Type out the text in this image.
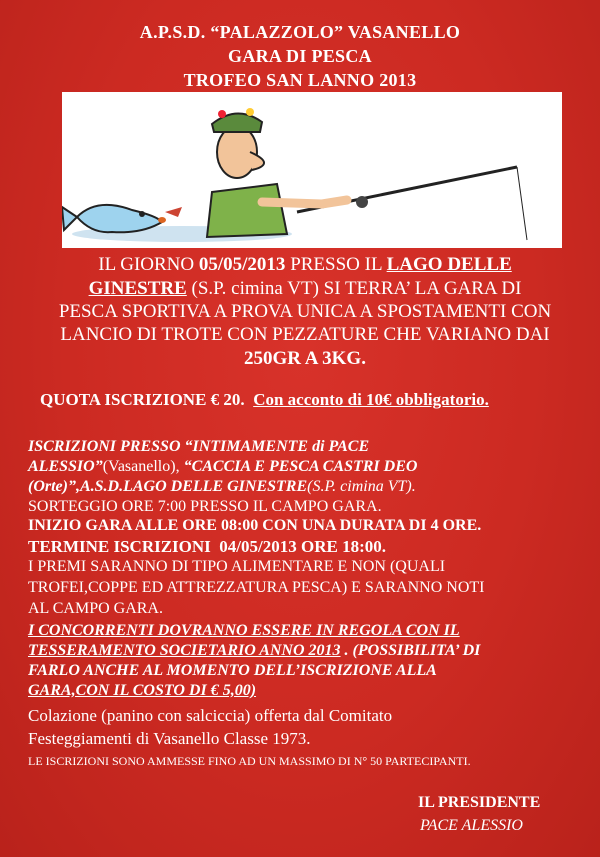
A.P.S.D. “PALAZZOLO” VASANELLO
GARA DI PESCA
TROFEO SAN LANNO 2013
IL GIORNO 05/05/2013 PRESSO IL LAGO DELLE
GINESTRE (S.P. cimina VT) SI TERRA’ LA GARA DI
PESCA SPORTIVA A PROVA UNICA A SPOSTAMENTI CON
LANCIO DI TROTE CON PEZZATURE CHE VARIANO DAI
250GR A 3KG.
QUOTA ISCRIZIONE € 20. Con acconto di 10€ obbligatorio.
ISCRIZIONI PRESSO “INTIMAMENTE di PACE
ALESSIO”(Vasanello), “CACCIA E PESCA CASTRI DEO
(Orte)”,A.S.D.LAGO DELLE GINESTRE(S.P. cimina VT).
SORTEGGIO ORE 7:00 PRESSO IL CAMPO GARA.
INIZIO GARA ALLE ORE 08:00 CON UNA DURATA DI 4 ORE.
TERMINE ISCRIZIONI 04/05/2013 ORE 18:00.
I PREMI SARANNO DI TIPO ALIMENTARE E NON (QUALI
TROFEI,COPPE ED ATTREZZATURA PESCA) E SARANNO NOTI
AL CAMPO GARA.
I CONCORRENTI DOVRANNO ESSERE IN REGOLA CON IL
TESSERAMENTO SOCIETARIO ANNO 2013 . (POSSIBILITA’ DI
FARLO ANCHE AL MOMENTO DELL’ISCRIZIONE ALLA
GARA,CON IL COSTO DI € 5,00)
Colazione (panino con salciccia) offerta dal Comitato
Festeggiamenti di Vasanello Classe 1973.
LE ISCRIZIONI SONO AMMESSE FINO AD UN MASSIMO DI N° 50 PARTECIPANTI.
IL PRESIDENTE
PACE ALESSIO
